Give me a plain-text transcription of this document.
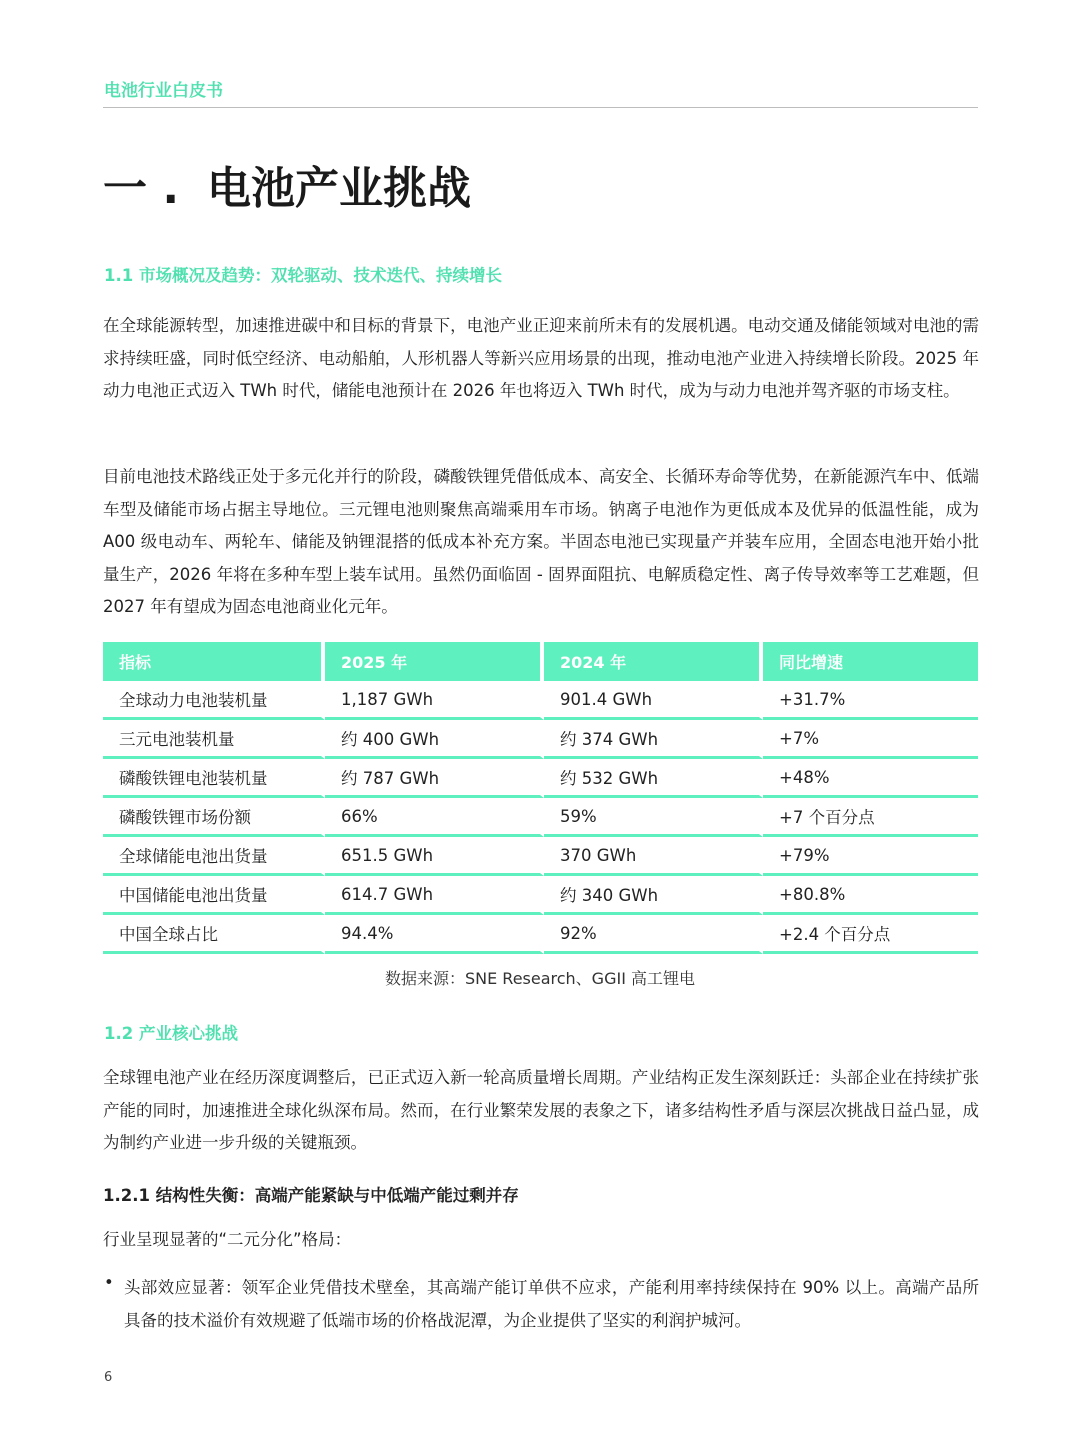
电池行业白皮书
一 . 电池产业挑战
1.1 市场概况及趋势：双轮驱动、技术迭代、持续增长

在全球能源转型，加速推进碳中和目标的背景下，电池产业正迎来前所未有的发展机遇。电动交通及储能领域对电池的需求持续旺盛，同时低空经济、电动船舶，人形机器人等新兴应用场景的出现，推动电池产业进入持续增长阶段。2025 年动力电池正式迈入 TWh 时代，储能电池预计在 2026 年也将迈入 TWh 时代，成为与动力电池并驾齐驱的市场支柱。

目前电池技术路线正处于多元化并行的阶段，磷酸铁锂凭借低成本、高安全、长循环寿命等优势，在新能源汽车中、低端车型及储能市场占据主导地位。三元锂电池则聚焦高端乘用车市场。钠离子电池作为更低成本及优异的低温性能，成为 A00 级电动车、两轮车、储能及钠锂混搭的低成本补充方案。半固态电池已实现量产并装车应用，全固态电池开始小批量生产，2026 年将在多种车型上装车试用。虽然仍面临固 - 固界面阻抗、电解质稳定性、离子传导效率等工艺难题，但 2027 年有望成为固态电池商业化元年。

指标	2025 年	2024 年	同比增速
全球动力电池装机量	1,187 GWh	901.4 GWh	+31.7%
三元电池装机量	约 400 GWh	约 374 GWh	+7%
磷酸铁锂电池装机量	约 787 GWh	约 532 GWh	+48%
磷酸铁锂市场份额	66%	59%	+7 个百分点
全球储能电池出货量	651.5 GWh	370 GWh	+79%
中国储能电池出货量	614.7 GWh	约 340 GWh	+80.8%
中国全球占比	94.4%	92%	+2.4 个百分点
数据来源：SNE Research、GGII 高工锂电
1.2 产业核心挑战

全球锂电池产业在经历深度调整后，已正式迈入新一轮高质量增长周期。产业结构正发生深刻跃迁：头部企业在持续扩张产能的同时，加速推进全球化纵深布局。然而，在行业繁荣发展的表象之下，诸多结构性矛盾与深层次挑战日益凸显，成为制约产业进一步升级的关键瓶颈。

1.2.1 结构性失衡：高端产能紧缺与中低端产能过剩并存
行业呈现显著的“二元分化”格局：
• 头部效应显著：领军企业凭借技术壁垒，其高端产能订单供不应求，产能利用率持续保持在 90% 以上。高端产品所具备的技术溢价有效规避了低端市场的价格战泥潭，为企业提供了坚实的利润护城河。

6
